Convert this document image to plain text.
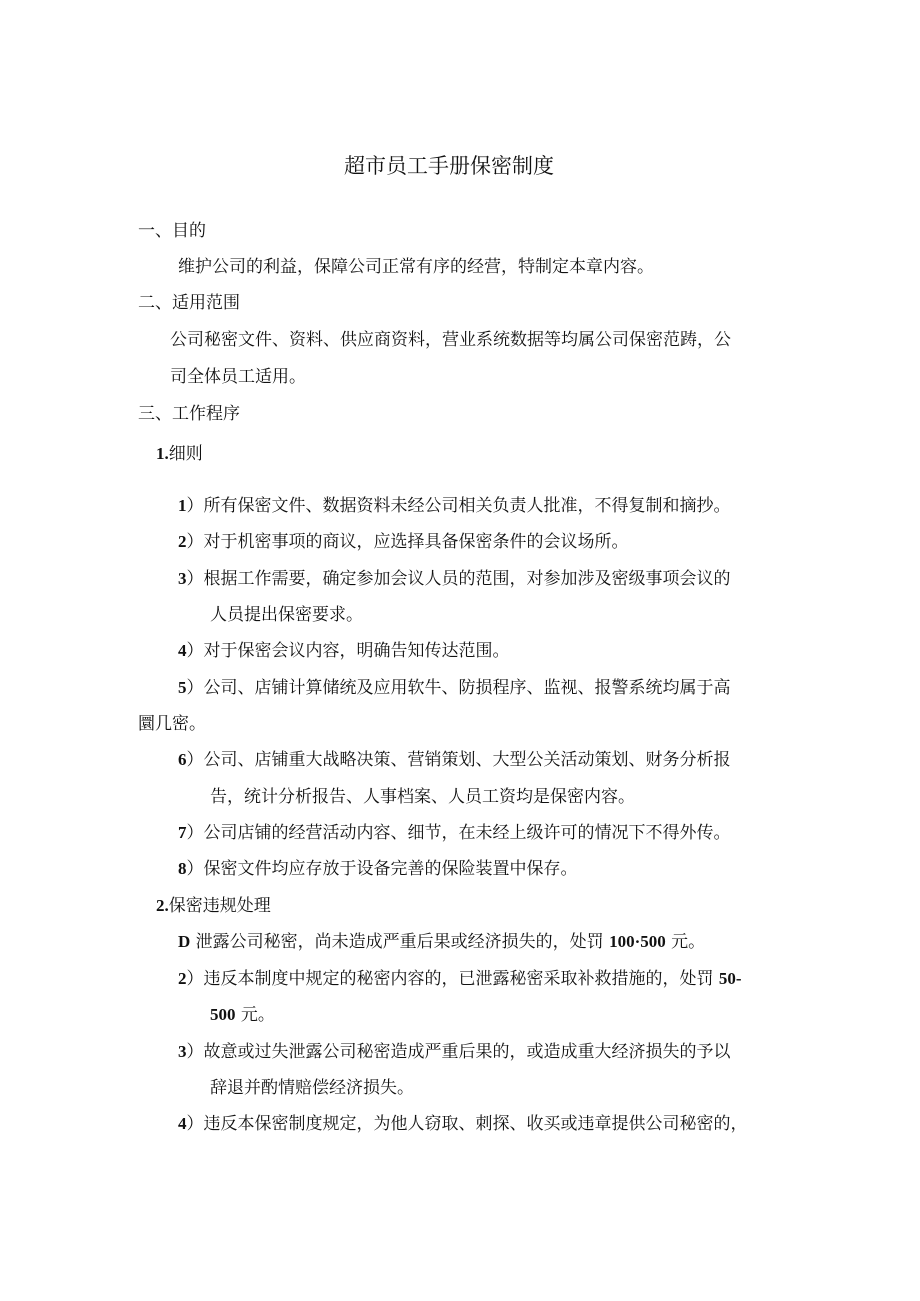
超市员工手册保密制度
一、目的
维护公司的利益，保障公司正常有序的经营，特制定本章内容。
二、适用范围
公司秘密文件、资料、供应商资料，营业系统数据等均属公司保密范踌，公
司全体员工适用。
三、工作程序
1.细则
1）所有保密文件、数据资料未经公司相关负责人批准，不得复制和摘抄。
2）对于机密事项的商议，应选择具备保密条件的会议场所。
3）根据工作需要，确定参加会议人员的范围，对参加涉及密级事项会议的
人员提出保密要求。
4）对于保密会议内容，明确告知传达范围。
5）公司、店铺计算储统及应用软牛、防损程序、监视、报警系统均属于高
圜几密。
6）公司、店铺重大战略决策、营销策划、大型公关活动策划、财务分析报
告，统计分析报告、人事档案、人员工资均是保密内容。
7）公司店铺的经营活动内容、细节，在未经上级许可的情况下不得外传。
8）保密文件均应存放于设备完善的保险装置中保存。
2.保密违规处理
D 泄露公司秘密，尚未造成严重后果或经济损失的，处罚 100·500 元。
2）违反本制度中规定的秘密内容的，已泄露秘密采取补救措施的，处罚 50-
500 元。
3）故意或过失泄露公司秘密造成严重后果的，或造成重大经济损失的予以
辞退并酌情赔偿经济损失。
4）违反本保密制度规定，为他人窃取、刺探、收买或违章提供公司秘密的，
